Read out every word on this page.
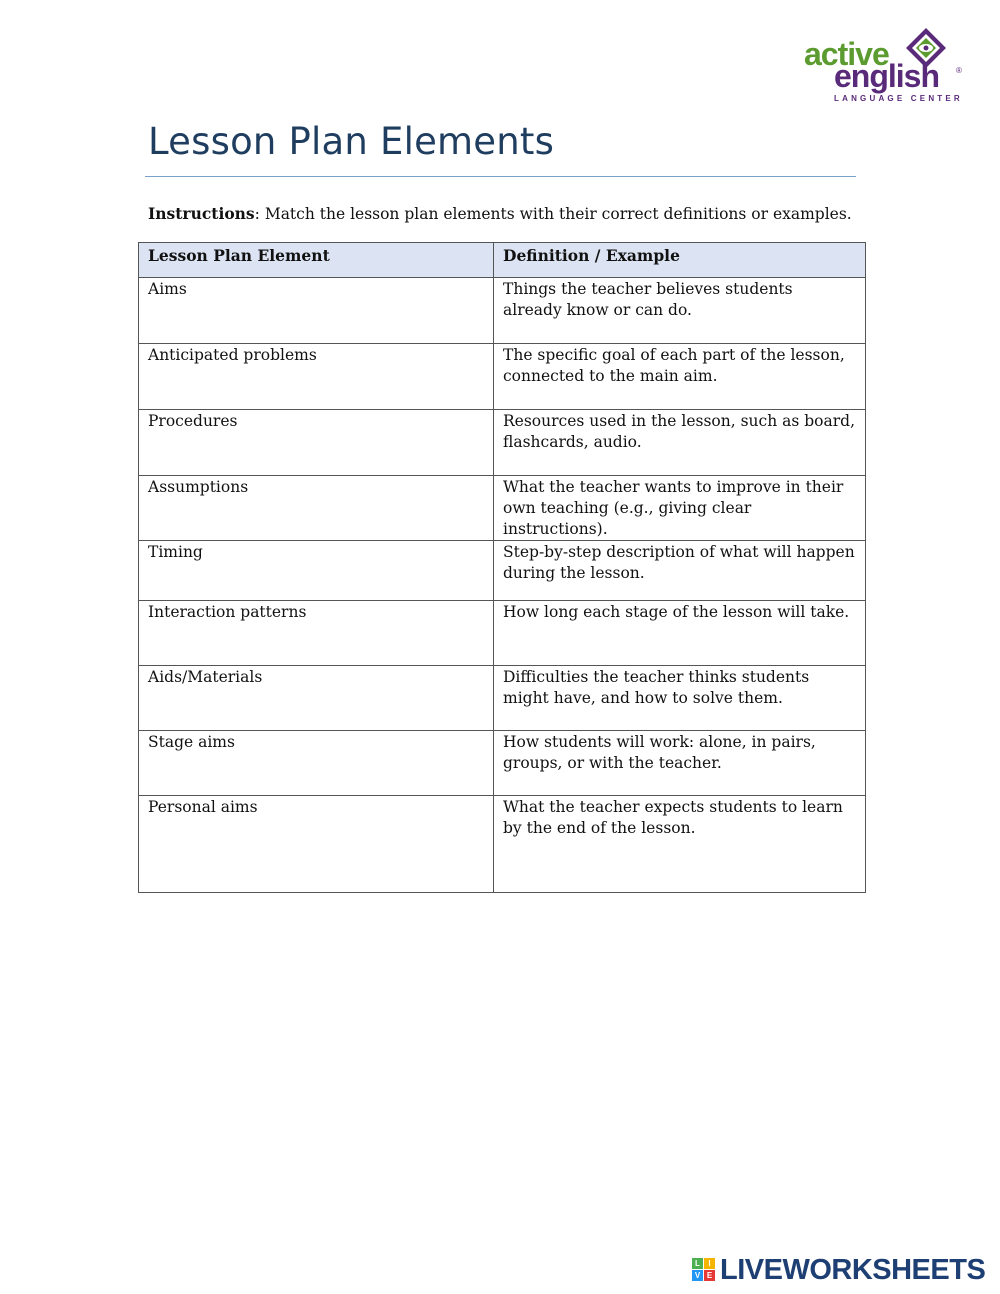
active
english ®
LANGUAGE CENTER
Lesson Plan Elements
Instructions: Match the lesson plan elements with their correct definitions or examples.
Lesson Plan Element	Definition / Example
Aims	Things the teacher believes students already know or can do.
Anticipated problems	The specific goal of each part of the lesson, connected to the main aim.
Procedures	Resources used in the lesson, such as board, flashcards, audio.
Assumptions	What the teacher wants to improve in their own teaching (e.g., giving clear instructions).
Timing	Step-by-step description of what will happen during the lesson.
Interaction patterns	How long each stage of the lesson will take.
Aids/Materials	Difficulties the teacher thinks students might have, and how to solve them.
Stage aims	How students will work: alone, in pairs, groups, or with the teacher.
Personal aims	What the teacher expects students to learn by the end of the lesson.
L	I
V E LIVEWORKSHEETS
